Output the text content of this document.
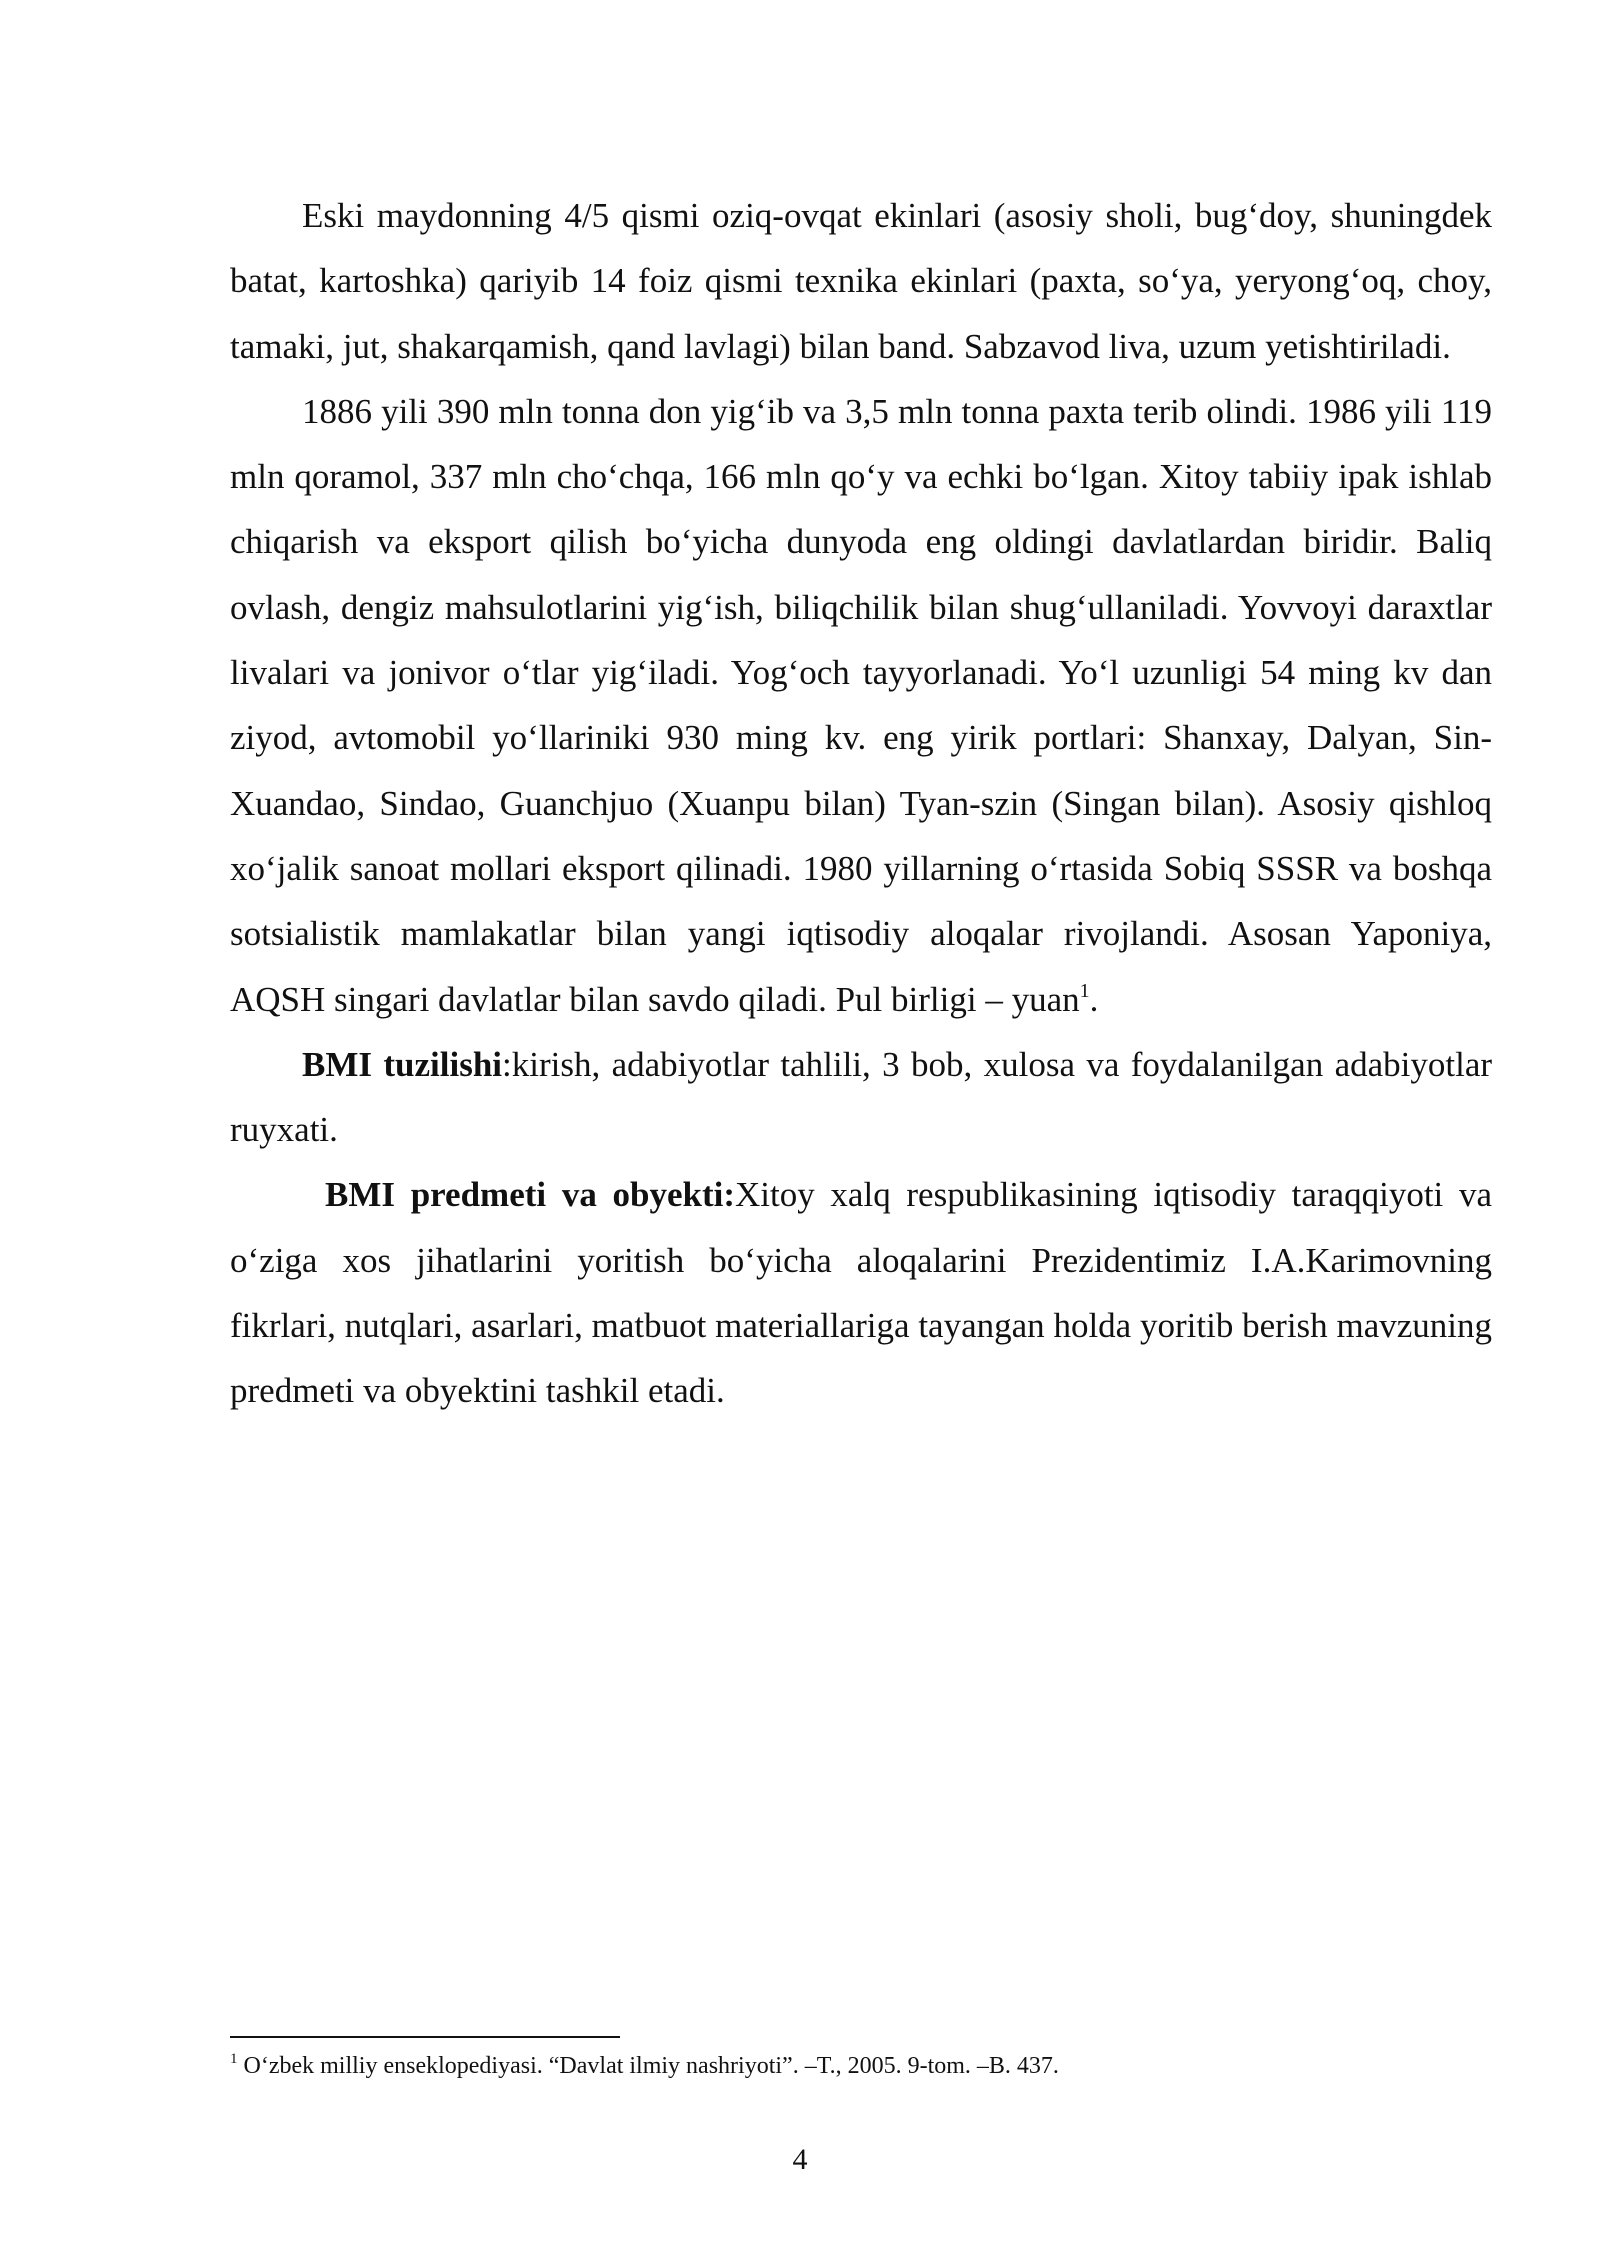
Eski maydonning 4/5 qismi oziq-ovqat ekinlari (asosiy sholi, bug‘doy, shuningdek batat, kartoshka) qariyib 14 foiz qismi texnika ekinlari (paxta, so‘ya, yeryong‘oq, choy, tamaki, jut, shakarqamish, qand lavlagi) bilan band. Sabzavod liva, uzum yetishtiriladi.

1886 yili 390 mln tonna don yig‘ib va 3,5 mln tonna paxta terib olindi. 1986 yili 119 mln qoramol, 337 mln cho‘chqa, 166 mln qo‘y va echki bo‘lgan. Xitoy tabiiy ipak ishlab chiqarish va eksport qilish bo‘yicha dunyoda eng oldingi davlatlardan biridir. Baliq ovlash, dengiz mahsulotlarini yig‘ish, biliqchilik bilan shug‘ullaniladi. Yovvoyi daraxtlar livalari va jonivor o‘tlar yig‘iladi. Yog‘och tayyorlanadi. Yo‘l uzunligi 54 ming kv dan ziyod, avtomobil yo‘llariniki 930 ming kv. eng yirik portlari: Shanxay, Dalyan, Sin-Xuandao, Sindao, Guanchjuo (Xuanpu bilan) Tyan-szin (Singan bilan). Asosiy qishloq xo‘jalik sanoat mollari eksport qilinadi. 1980 yillarning o‘rtasida Sobiq SSSR va boshqa sotsialistik mamlakatlar bilan yangi iqtisodiy aloqalar rivojlandi. Asosan Yaponiya, AQSH singari davlatlar bilan savdo qiladi. Pul birligi – yuan$^1$.

BMI tuzilishi:kirish, adabiyotlar tahlili, 3 bob, xulosa va foydalanilgan adabiyotlar ruyxati.

BMI predmeti va obyekti:Xitoy xalq respublikasining iqtisodiy taraqqiyoti va o‘ziga xos jihatlarini yoritish bo‘yicha aloqalarini Prezidentimiz I.A.Karimovning fikrlari, nutqlari, asarlari, matbuot materiallariga tayangan holda yoritib berish mavzuning predmeti va obyektini tashkil etadi.

$^1$ O‘zbek milliy enseklopediyasi. “Davlat ilmiy nashriyoti”. –T., 2005. 9-tom. –B. 437.
4
